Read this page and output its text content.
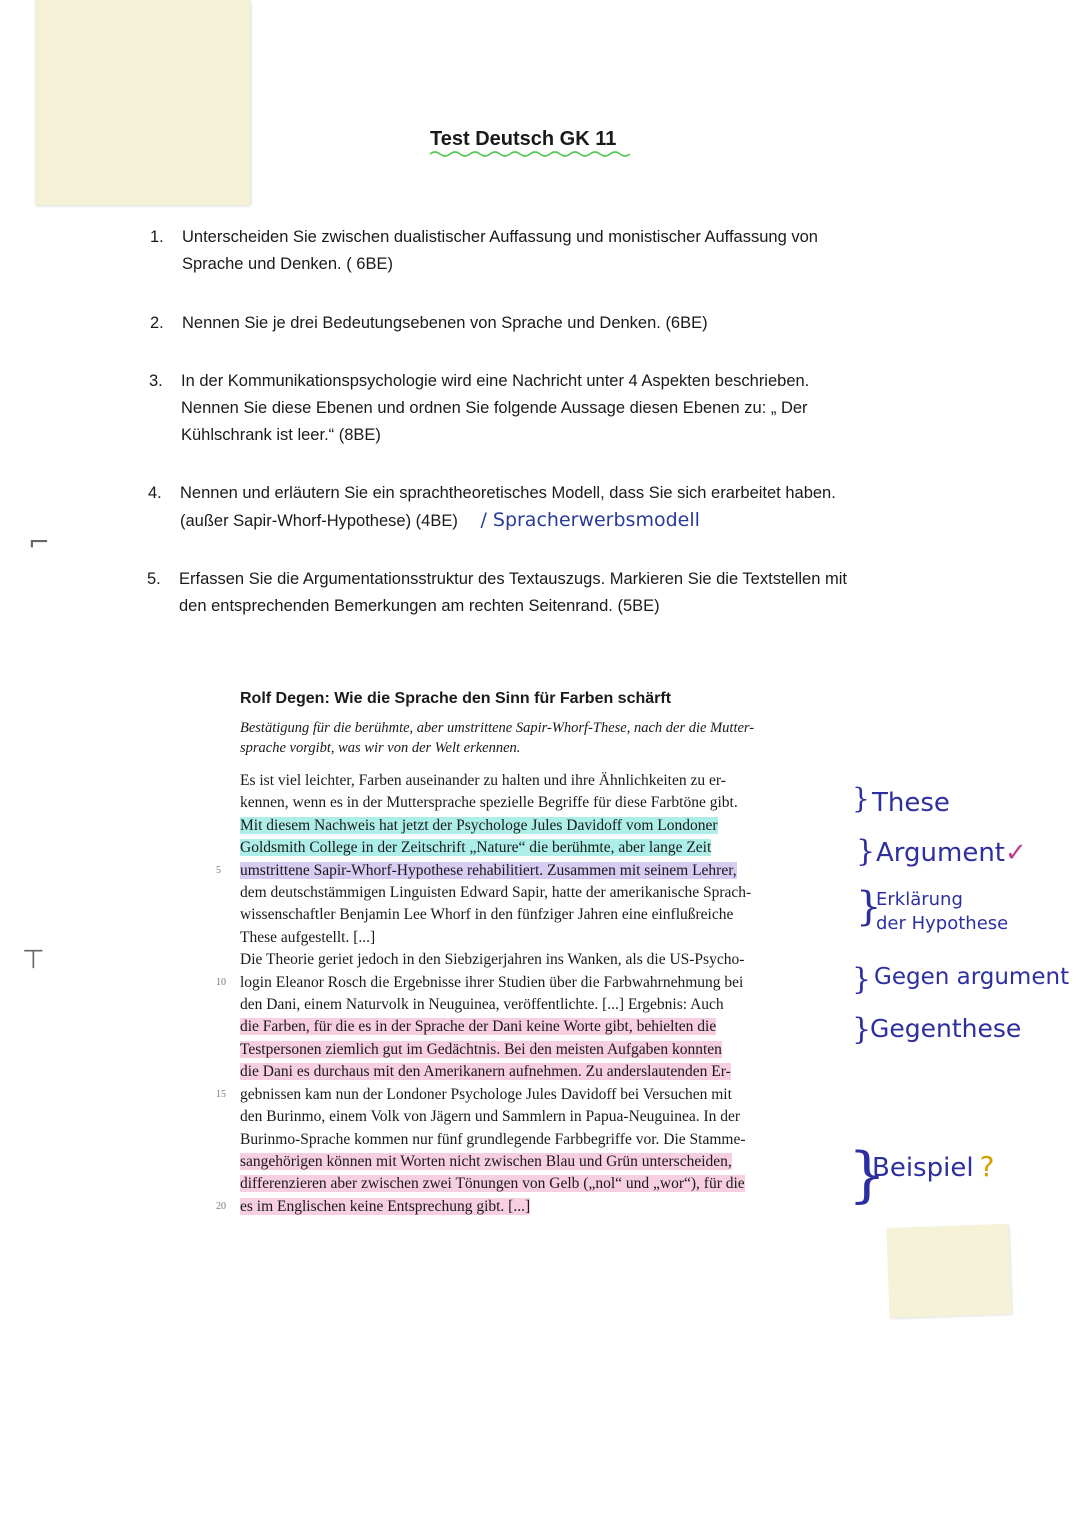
⌐
⊤
Test Deutsch GK 11
1. Unterscheiden Sie zwischen dualistischer Auffassung und monistischer Auffassung von
Sprache und Denken. ( 6BE)
2. Nennen Sie je drei Bedeutungsebenen von Sprache und Denken. (6BE)
3. In der Kommunikationspsychologie wird eine Nachricht unter 4 Aspekten beschrieben.
Nennen Sie diese Ebenen und ordnen Sie folgende Aussage diesen Ebenen zu: „ Der
Kühlschrank ist leer.“ (8BE)
4. Nennen und erläutern Sie ein sprachtheoretisches Modell, dass Sie sich erarbeitet haben.
(außer Sapir-Whorf-Hypothese) (4BE) / Spracherwerbsmodell
5. Erfassen Sie die Argumentationsstruktur des Textauszugs. Markieren Sie die Textstellen mit
den entsprechenden Bemerkungen am rechten Seitenrand. (5BE)
Rolf Degen: Wie die Sprache den Sinn für Farben schärft
Bestätigung für die berühmte, aber umstrittene Sapir-Whorf-These, nach der die Mutter-
sprache vorgibt, was wir von der Welt erkennen.
Es ist viel leichter, Farben auseinander zu halten und ihre Ähnlichkeiten zu er-
kennen, wenn es in der Muttersprache spezielle Begriffe für diese Farbtöne gibt.
Mit diesem Nachweis hat jetzt der Psychologe Jules Davidoff vom Londoner
Goldsmith College in der Zeitschrift „Nature“ die berühmte, aber lange Zeit
5 umstrittene Sapir-Whorf-Hypothese rehabilitiert. Zusammen mit seinem Lehrer,
dem deutschstämmigen Linguisten Edward Sapir, hatte der amerikanische Sprach-
wissenschaftler Benjamin Lee Whorf in den fünfziger Jahren eine einflußreiche
These aufgestellt. [...]
Die Theorie geriet jedoch in den Siebzigerjahren ins Wanken, als die US-Psycho-
10 login Eleanor Rosch die Ergebnisse ihrer Studien über die Farbwahrnehmung bei
den Dani, einem Naturvolk in Neuguinea, veröffentlichte. [...] Ergebnis: Auch
die Farben, für die es in der Sprache der Dani keine Worte gibt, behielten die
Testpersonen ziemlich gut im Gedächtnis. Bei den meisten Aufgaben konnten
die Dani es durchaus mit den Amerikanern aufnehmen. Zu anderslautenden Er-
15 gebnissen kam nun der Londoner Psychologe Jules Davidoff bei Versuchen mit
den Burinmo, einem Volk von Jägern und Sammlern in Papua-Neuguinea. In der
Burinmo-Sprache kommen nur fünf grundlegende Farbbegriffe vor. Die Stamme-
sangehörigen können mit Worten nicht zwischen Blau und Grün unterscheiden,
differenzieren aber zwischen zwei Tönungen von Gelb („nol“ und „wor“), für die
20 es im Englischen keine Entsprechung gibt. [...]
} These
} Argument✓
}
Erklärung
der Hypothese
} Gegen argument
}
Gegenthese
}
Beispiel ?
